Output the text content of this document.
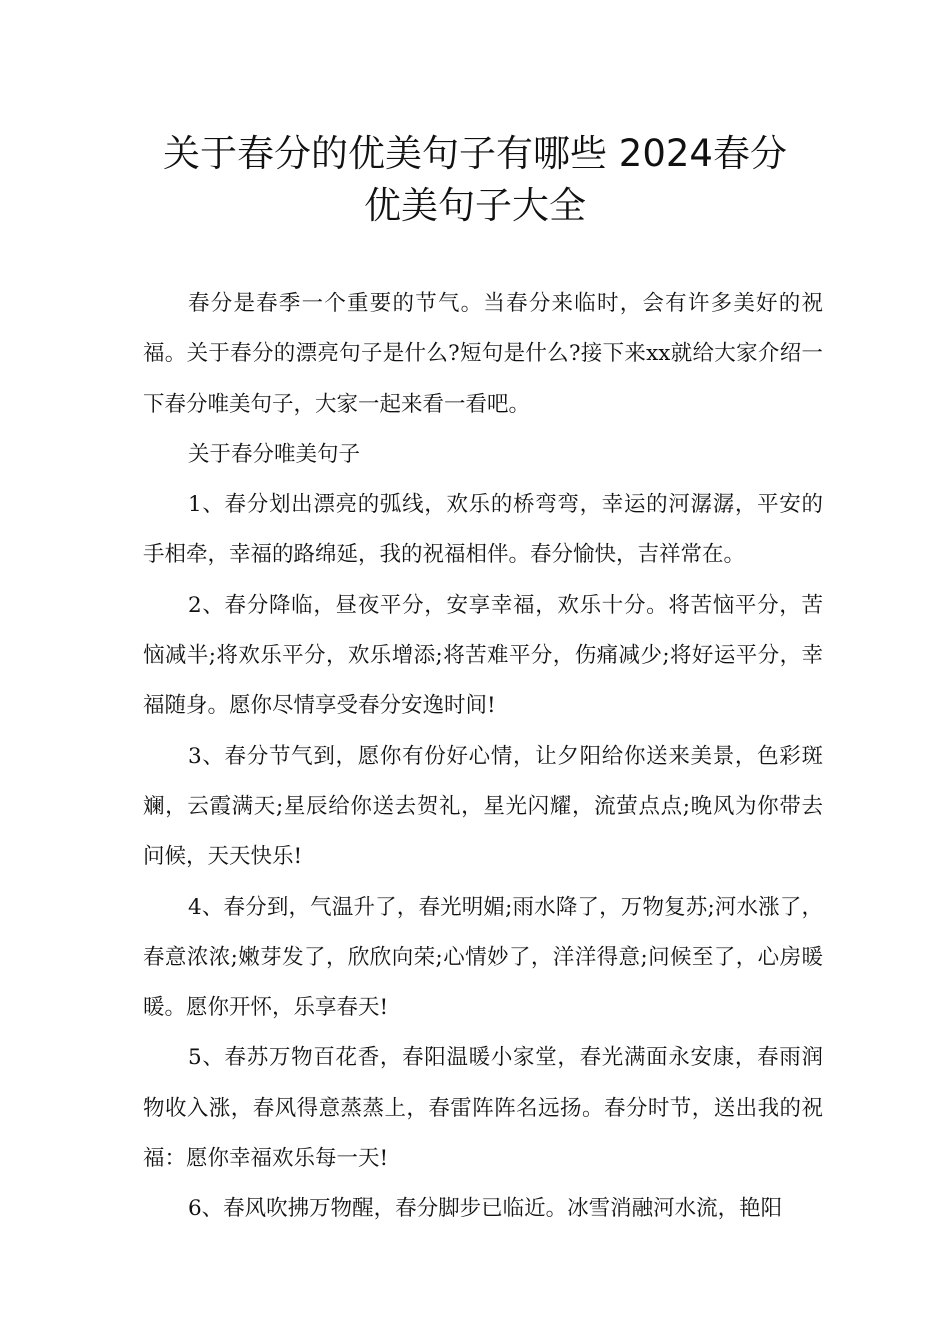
关于春分的优美句子有哪些 2024春分
优美句子大全

春分是春季一个重要的节气。当春分来临时，会有许多美好的祝福。关于春分的漂亮句子是什么?短句是什么?接下来xx就给大家介绍一下春分唯美句子，大家一起来看一看吧。

关于春分唯美句子

1、春分划出漂亮的弧线，欢乐的桥弯弯，幸运的河潺潺，平安的手相牵，幸福的路绵延，我的祝福相伴。春分愉快，吉祥常在。

2、春分降临，昼夜平分，安享幸福，欢乐十分。将苦恼平分，苦恼减半;将欢乐平分，欢乐增添;将苦难平分，伤痛减少;将好运平分，幸福随身。愿你尽情享受春分安逸时间!

3、春分节气到，愿你有份好心情，让夕阳给你送来美景，色彩斑斓，云霞满天;星辰给你送去贺礼，星光闪耀，流萤点点;晚风为你带去问候，天天快乐!

4、春分到，气温升了，春光明媚;雨水降了，万物复苏;河水涨了，春意浓浓;嫩芽发了，欣欣向荣;心情妙了，洋洋得意;问候至了，心房暖暖。愿你开怀，乐享春天!

5、春苏万物百花香，春阳温暖小家堂，春光满面永安康，春雨润物收入涨，春风得意蒸蒸上，春雷阵阵名远扬。春分时节，送出我的祝福：愿你幸福欢乐每一天!

6、春风吹拂万物醒，春分脚步已临近。冰雪消融河水流，艳阳
